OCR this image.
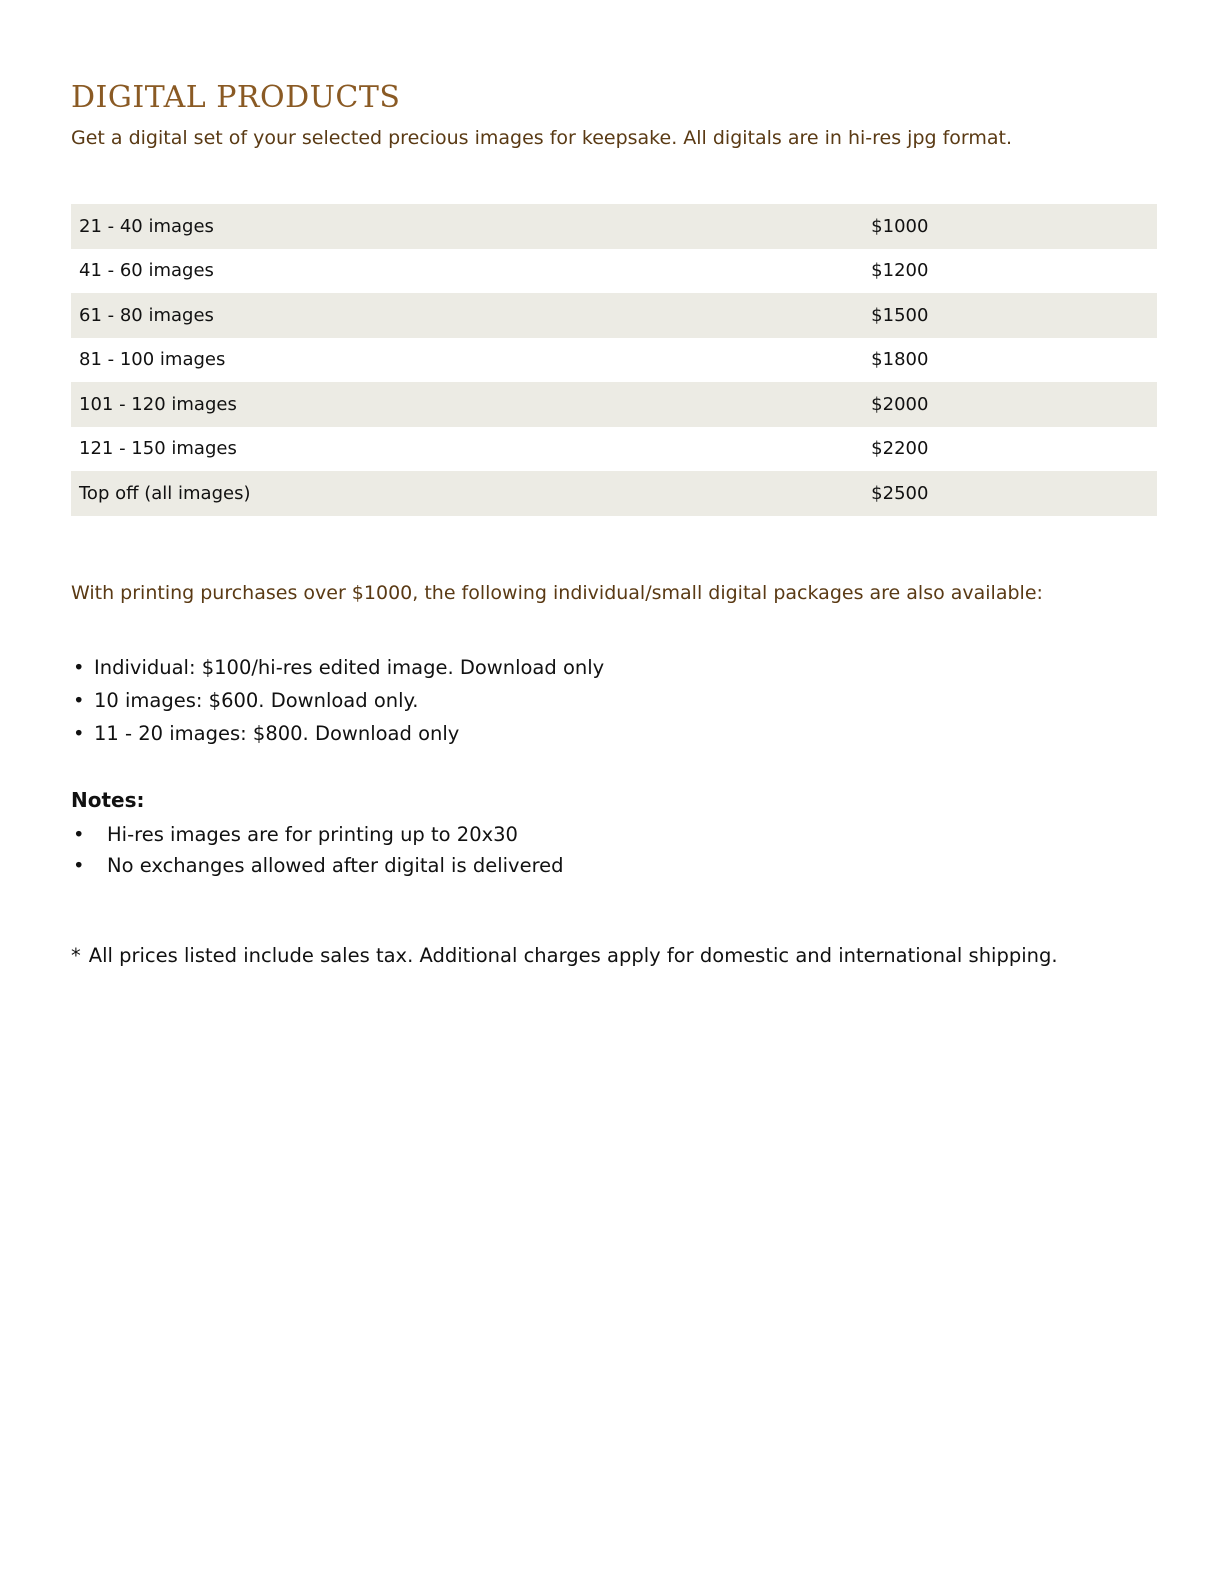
DIGITAL PRODUCTS

Get a digital set of your selected precious images for keepsake. All digitals are in hi-res jpg format.

21 - 40 images	$1000
41 - 60 images	$1200
61 - 80 images	$1500
81 - 100 images	$1800
101 - 120 images	$2000
121 - 150 images	$2200
Top off (all images)	$2500

With printing purchases over $1000, the following individual/small digital packages are also available:

• Individual: $100/hi-res edited image. Download only
• 10 images: $600. Download only.
• 11 - 20 images: $800. Download only
Notes:
• Hi-res images are for printing up to 20x30
• No exchanges allowed after digital is delivered

* All prices listed include sales tax. Additional charges apply for domestic and international shipping.
